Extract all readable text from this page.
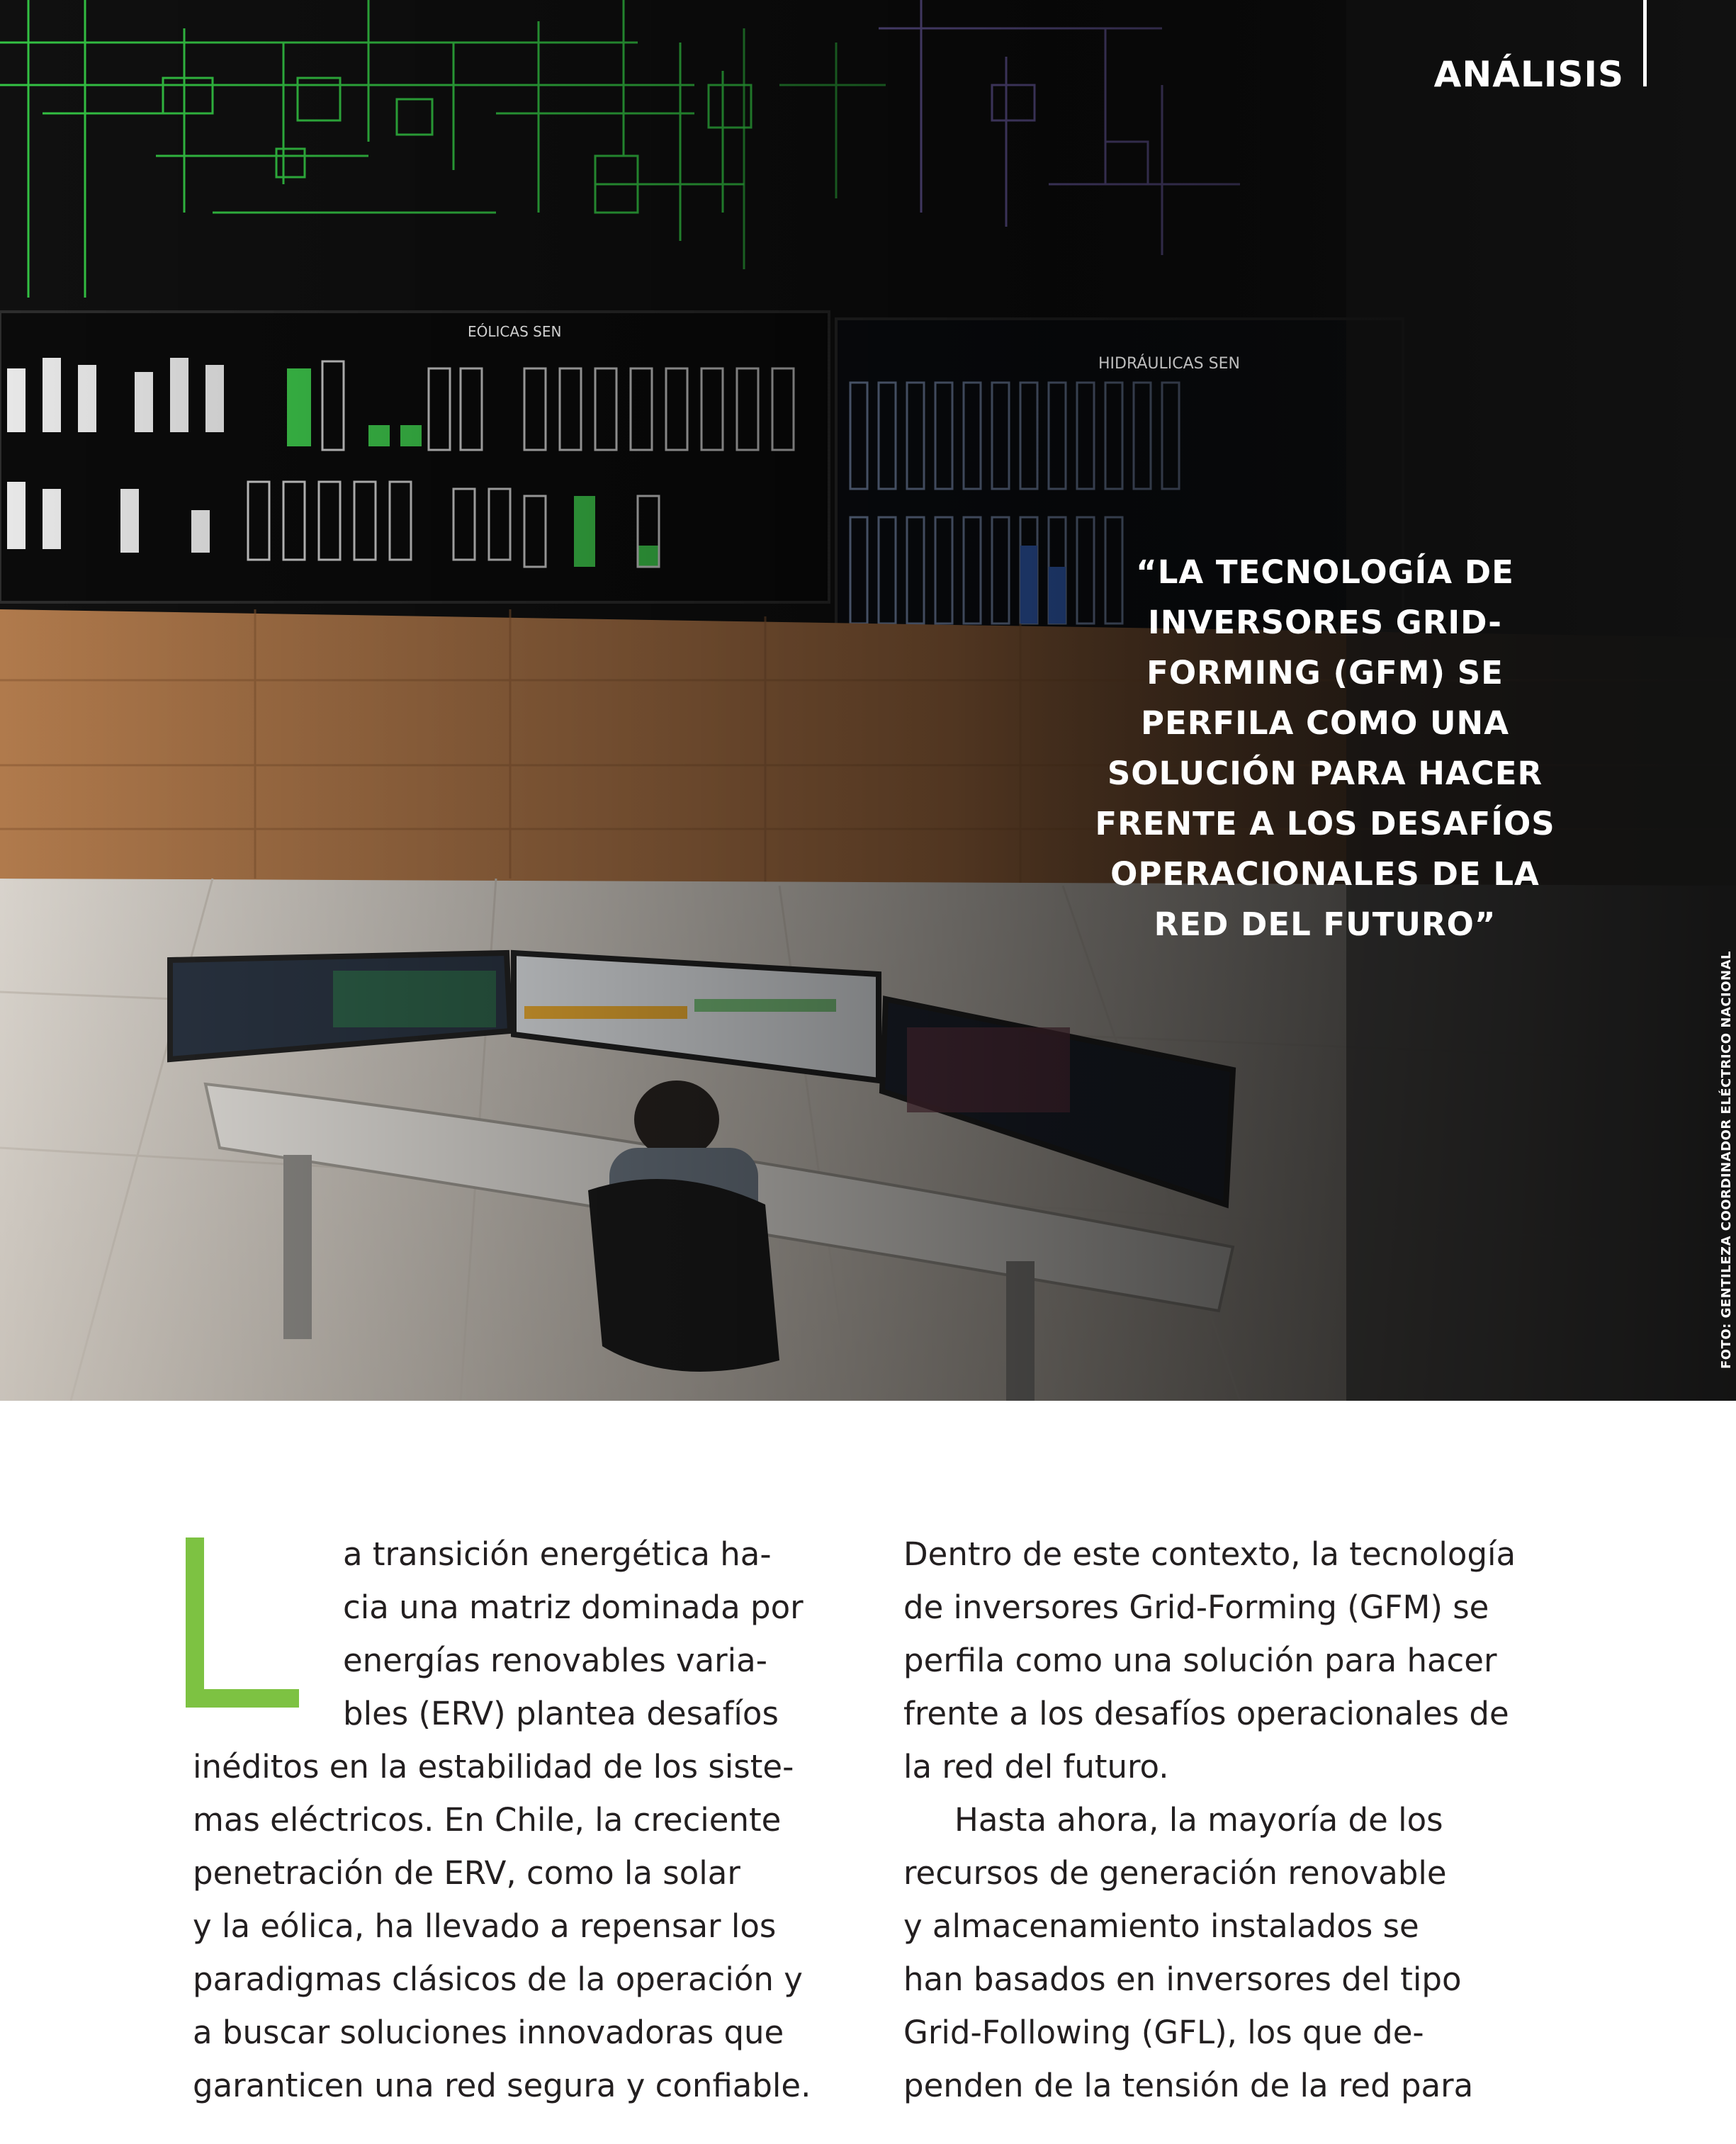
EÓLICAS SEN
HIDRÁULICAS SEN
ANÁLISIS

“LA TECNOLOGÍA DE
INVERSORES GRID-
FORMING (GFM) SE
PERFILA COMO UNA
SOLUCIÓN PARA HACER
FRENTE A LOS DESAFÍOS
OPERACIONALES DE LA
RED DEL FUTURO”

FOTO: GENTILEZA COORDINADOR ELÉCTRICO NACIONAL

a transición energética ha-
cia una matriz dominada por
energías renovables varia-
bles (ERV) plantea desafíos
inéditos en la estabilidad de los siste-
mas eléctricos. En Chile, la creciente
penetración de ERV, como la solar
y la eólica, ha llevado a repensar los
paradigmas clásicos de la operación y
a buscar soluciones innovadoras que
garanticen una red segura y confiable.

Dentro de este contexto, la tecnología
de inversores Grid-Forming (GFM) se
perfila como una solución para hacer
frente a los desafíos operacionales de
la red del futuro.

Hasta ahora, la mayoría de los
recursos de generación renovable
y almacenamiento instalados se
han basados en inversores del tipo
Grid-Following (GFL), los que de-
penden de la tensión de la red para
